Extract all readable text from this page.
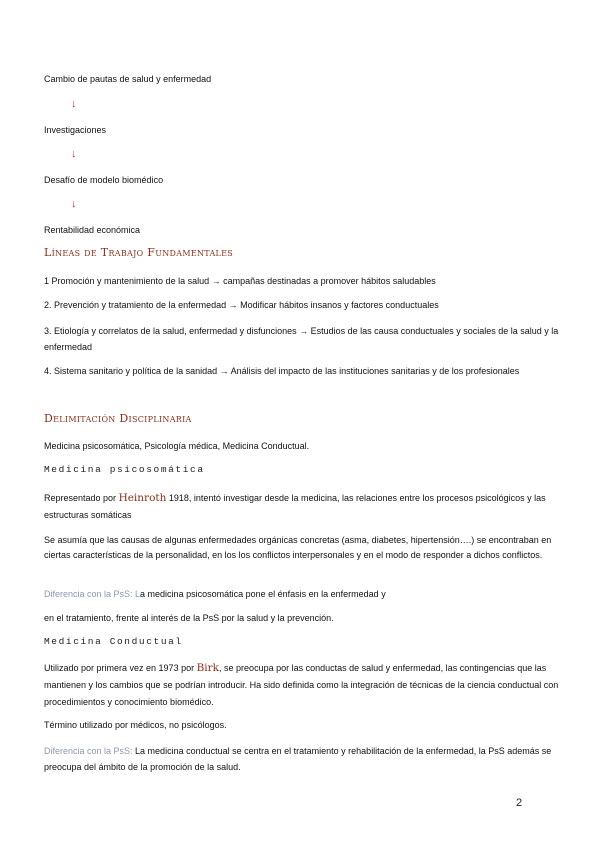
Cambio de pautas de salud y enfermedad
↓
Investigaciones
↓
Desafío de modelo biomédico
↓
Rentabilidad económica
Líneas de Trabajo Fundamentales
1 Promoción y mantenimiento de la salud → campañas destinadas a promover hábitos saludables
2. Prevención y tratamiento de la enfermedad → Modificar hábitos insanos y factores conductuales
3. Etiología y correlatos de la salud, enfermedad y disfunciones → Estudios de las causa conductuales y sociales de la salud y la enfermedad
4. Sistema sanitario y política de la sanidad → Análisis del impacto de las instituciones sanitarias y de los profesionales
Delimitación Disciplinaria
Medicina psicosomática, Psicología médica, Medicina Conductual.
Medicina psicosomática
Representado por Heinroth 1918, intentó investigar desde la medicina, las relaciones entre los procesos psicológicos y las estructuras somáticas
Se asumía que las causas de algunas enfermedades orgánicas concretas (asma, diabetes, hipertensión….) se encontraban en ciertas características de la personalidad, en los los conflictos interpersonales y en el modo de responder a dichos conflictos.
Diferencia con la PsS: La medicina psicosomática pone el énfasis en la enfermedad y
en el tratamiento, frente al interés de la PsS por la salud y la prevención.
Medicina Conductual
Utilizado por primera vez en 1973 por Birk, se preocupa por las conductas de salud y enfermedad, las contingencias que las mantienen y los cambios que se podrían introducir. Ha sido definida como la integración de técnicas de la ciencia conductual con procedimientos y conocimiento biomédico.
Término utilizado por médicos, no psicólogos.
Diferencia con la PsS: La medicina conductual se centra en el tratamiento y rehabilitación de la enfermedad, la PsS además se preocupa del ámbito de la promoción de la salud.
2
